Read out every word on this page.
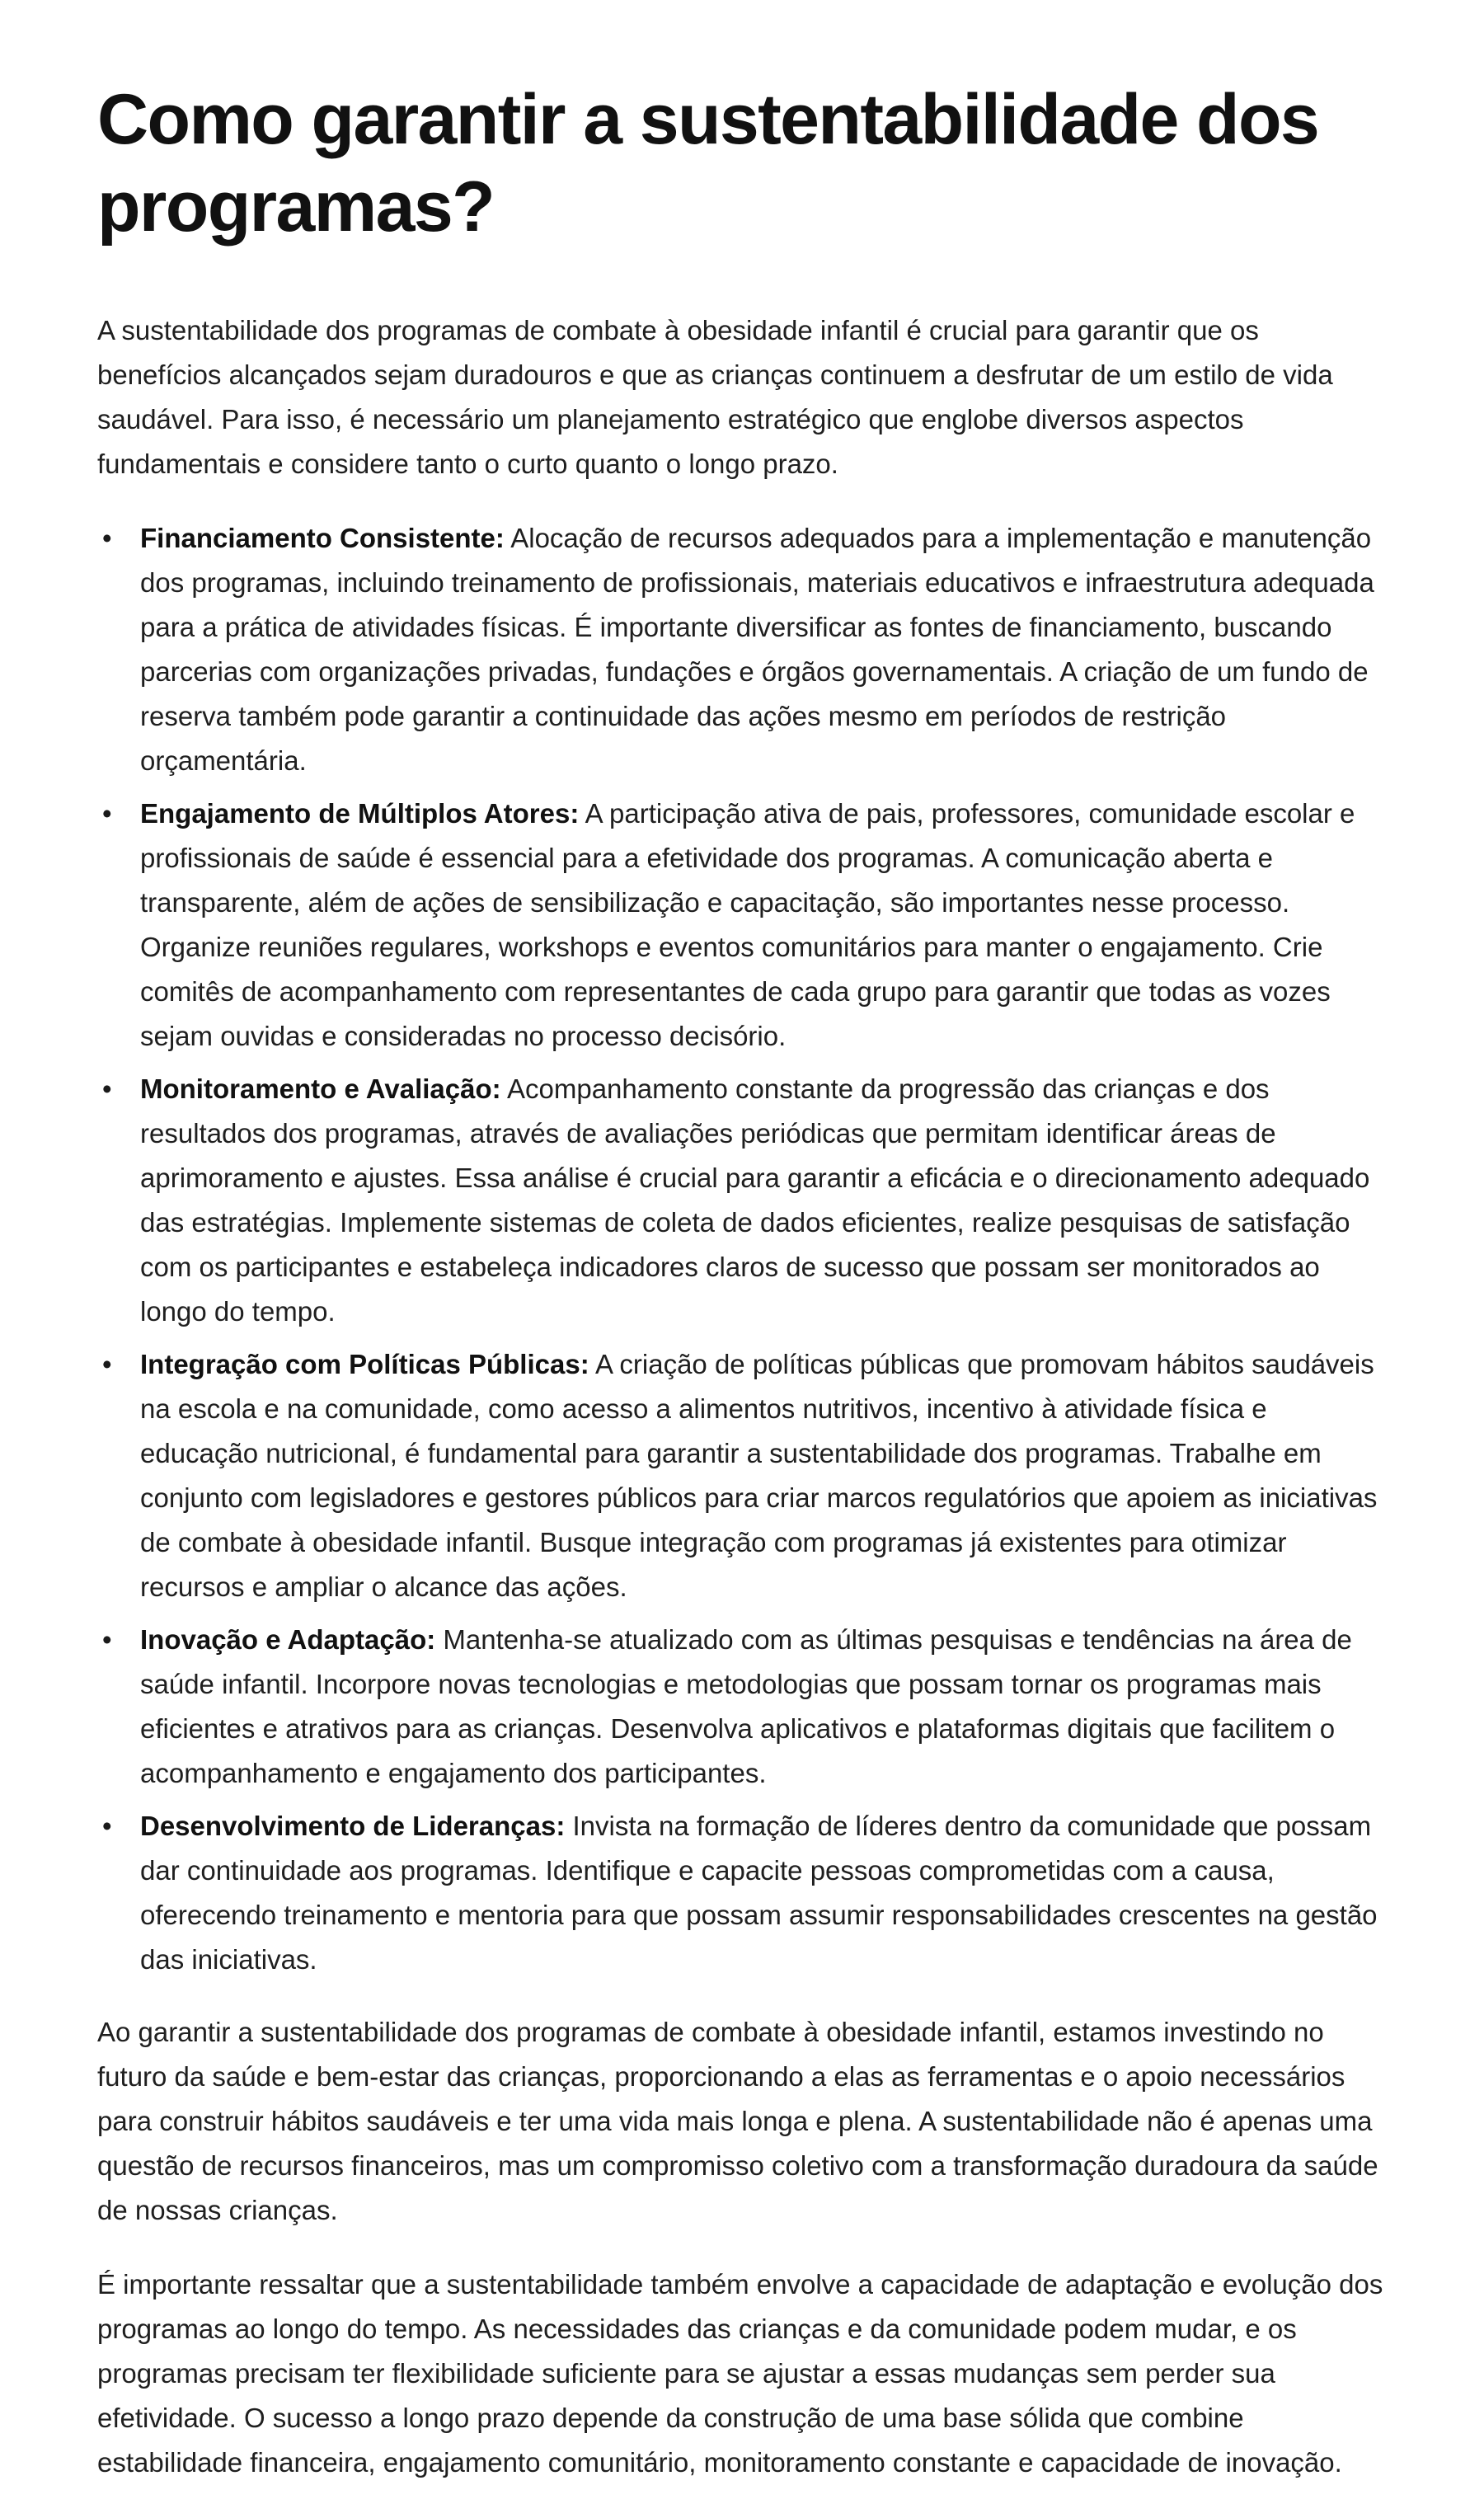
Como garantir a sustentabilidade dos programas?

A sustentabilidade dos programas de combate à obesidade infantil é crucial para garantir que os benefícios alcançados sejam duradouros e que as crianças continuem a desfrutar de um estilo de vida saudável. Para isso, é necessário um planejamento estratégico que englobe diversos aspectos fundamentais e considere tanto o curto quanto o longo prazo.

• Financiamento Consistente: Alocação de recursos adequados para a implementação e manutenção dos programas, incluindo treinamento de profissionais, materiais educativos e infraestrutura adequada para a prática de atividades físicas. É importante diversificar as fontes de financiamento, buscando parcerias com organizações privadas, fundações e órgãos governamentais. A criação de um fundo de reserva também pode garantir a continuidade das ações mesmo em períodos de restrição orçamentária.
• Engajamento de Múltiplos Atores: A participação ativa de pais, professores, comunidade escolar e profissionais de saúde é essencial para a efetividade dos programas. A comunicação aberta e transparente, além de ações de sensibilização e capacitação, são importantes nesse processo. Organize reuniões regulares, workshops e eventos comunitários para manter o engajamento. Crie comitês de acompanhamento com representantes de cada grupo para garantir que todas as vozes sejam ouvidas e consideradas no processo decisório.
• Monitoramento e Avaliação: Acompanhamento constante da progressão das crianças e dos resultados dos programas, através de avaliações periódicas que permitam identificar áreas de aprimoramento e ajustes. Essa análise é crucial para garantir a eficácia e o direcionamento adequado das estratégias. Implemente sistemas de coleta de dados eficientes, realize pesquisas de satisfação com os participantes e estabeleça indicadores claros de sucesso que possam ser monitorados ao longo do tempo.
• Integração com Políticas Públicas: A criação de políticas públicas que promovam hábitos saudáveis na escola e na comunidade, como acesso a alimentos nutritivos, incentivo à atividade física e educação nutricional, é fundamental para garantir a sustentabilidade dos programas. Trabalhe em conjunto com legisladores e gestores públicos para criar marcos regulatórios que apoiem as iniciativas de combate à obesidade infantil. Busque integração com programas já existentes para otimizar recursos e ampliar o alcance das ações.
• Inovação e Adaptação: Mantenha-se atualizado com as últimas pesquisas e tendências na área de saúde infantil. Incorpore novas tecnologias e metodologias que possam tornar os programas mais eficientes e atrativos para as crianças. Desenvolva aplicativos e plataformas digitais que facilitem o acompanhamento e engajamento dos participantes.
• Desenvolvimento de Lideranças: Invista na formação de líderes dentro da comunidade que possam dar continuidade aos programas. Identifique e capacite pessoas comprometidas com a causa, oferecendo treinamento e mentoria para que possam assumir responsabilidades crescentes na gestão das iniciativas.

Ao garantir a sustentabilidade dos programas de combate à obesidade infantil, estamos investindo no futuro da saúde e bem-estar das crianças, proporcionando a elas as ferramentas e o apoio necessários para construir hábitos saudáveis e ter uma vida mais longa e plena. A sustentabilidade não é apenas uma questão de recursos financeiros, mas um compromisso coletivo com a transformação duradoura da saúde de nossas crianças.

É importante ressaltar que a sustentabilidade também envolve a capacidade de adaptação e evolução dos programas ao longo do tempo. As necessidades das crianças e da comunidade podem mudar, e os programas precisam ter flexibilidade suficiente para se ajustar a essas mudanças sem perder sua efetividade. O sucesso a longo prazo depende da construção de uma base sólida que combine estabilidade financeira, engajamento comunitário, monitoramento constante e capacidade de inovação.
